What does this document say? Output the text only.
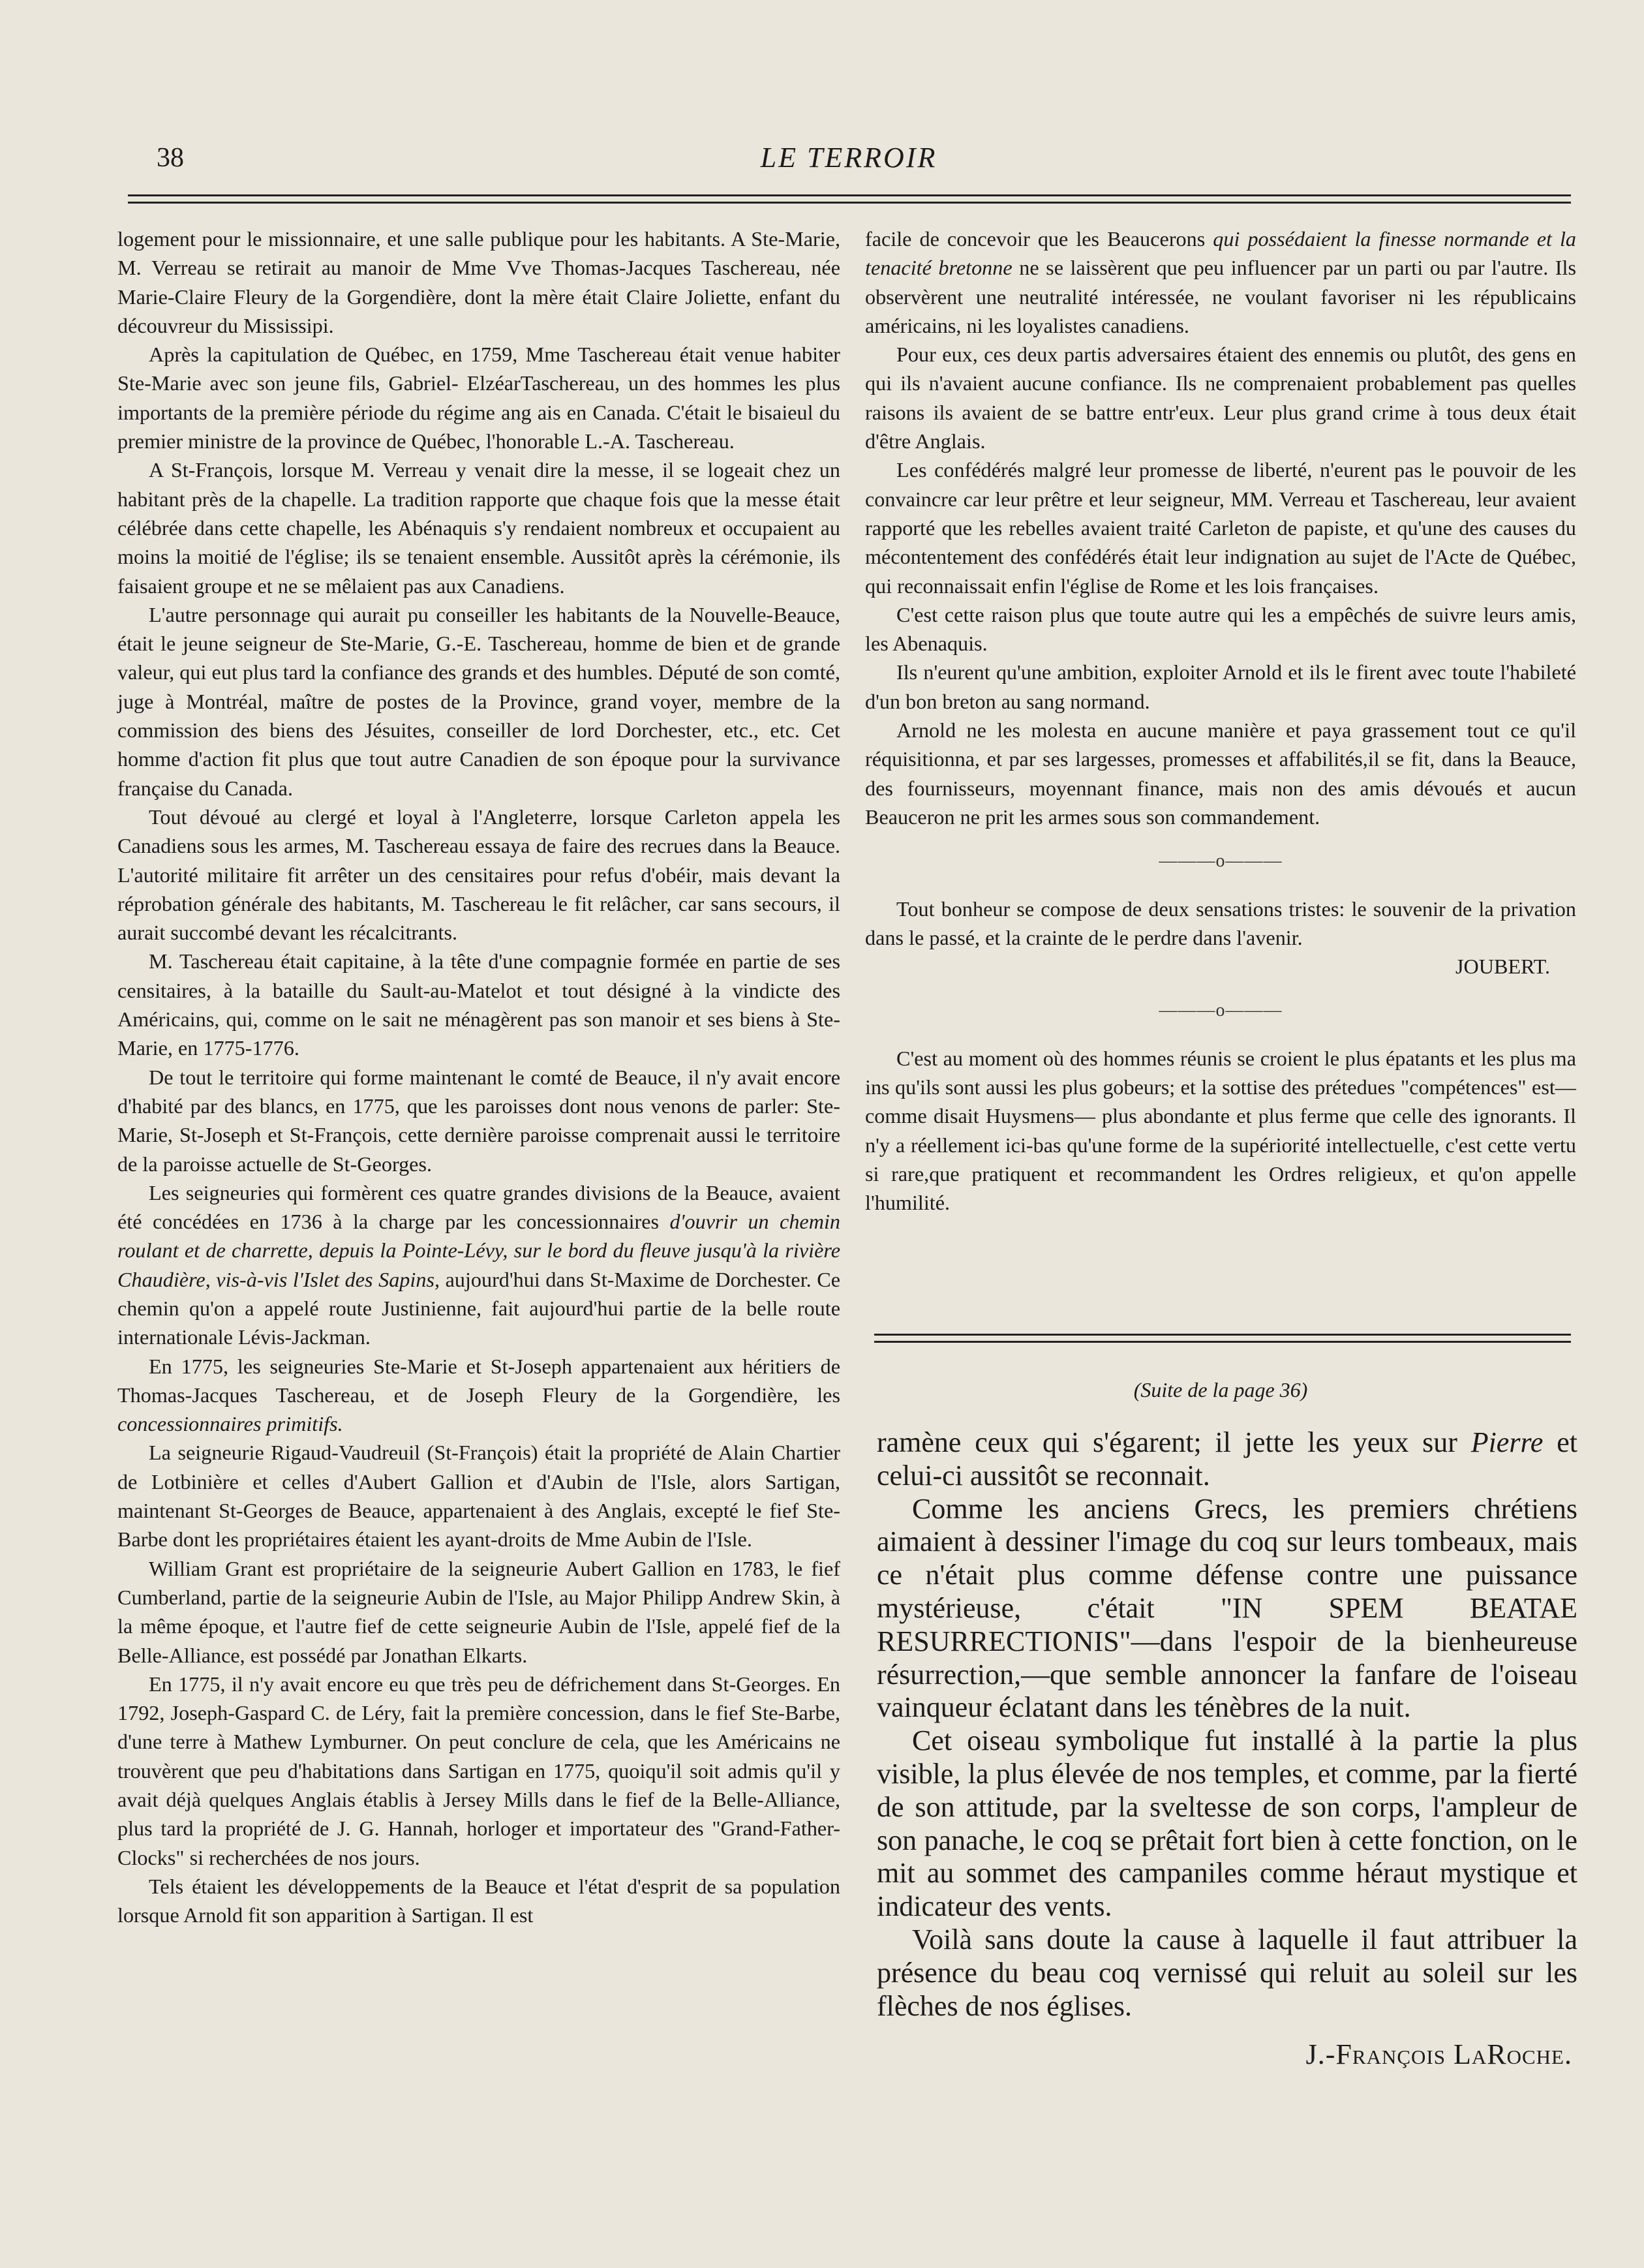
38	LE TERROIR

logement pour le missionnaire, et une salle publique pour les habitants. A Ste-Marie, M. Verreau se retirait au manoir de Mme Vve Thomas-Jacques Taschereau, née Marie-Claire Fleury de la Gorgendière, dont la mère était Claire Joliette, enfant du découvreur du Mississipi.

Après la capitulation de Québec, en 1759, Mme Taschereau était venue habiter Ste-Marie avec son jeune fils, Gabriel- ElzéarTaschereau, un des hommes les plus importants de la première période du régime ang ais en Canada. C'était le bisaieul du premier ministre de la province de Québec, l'honorable L.-A. Taschereau.

A St-François, lorsque M. Verreau y venait dire la messe, il se logeait chez un habitant près de la chapelle. La tradition rapporte que chaque fois que la messe était célébrée dans cette chapelle, les Abénaquis s'y rendaient nombreux et occupaient au moins la moitié de l'église; ils se tenaient ensemble. Aussitôt après la cérémonie, ils faisaient groupe et ne se mêlaient pas aux Canadiens.

L'autre personnage qui aurait pu conseiller les habitants de la Nouvelle-Beauce, était le jeune seigneur de Ste-Marie, G.-E. Taschereau, homme de bien et de grande valeur, qui eut plus tard la confiance des grands et des humbles. Député de son comté, juge à Montréal, maître de postes de la Province, grand voyer, membre de la commission des biens des Jésuites, conseiller de lord Dorchester, etc., etc. Cet homme d'action fit plus que tout autre Canadien de son époque pour la survivance française du Canada.

Tout dévoué au clergé et loyal à l'Angleterre, lorsque Carleton appela les Canadiens sous les armes, M. Taschereau essaya de faire des recrues dans la Beauce. L'autorité militaire fit arrêter un des censitaires pour refus d'obéir, mais devant la réprobation générale des habitants, M. Taschereau le fit relâcher, car sans secours, il aurait succombé devant les récalcitrants.

M. Taschereau était capitaine, à la tête d'une compagnie formée en partie de ses censitaires, à la bataille du Sault-au-Matelot et tout désigné à la vindicte des Américains, qui, comme on le sait ne ménagèrent pas son manoir et ses biens à Ste-Marie, en 1775-1776.

De tout le territoire qui forme maintenant le comté de Beauce, il n'y avait encore d'habité par des blancs, en 1775, que les paroisses dont nous venons de parler: Ste-Marie, St-Joseph et St-François, cette dernière paroisse comprenait aussi le territoire de la paroisse actuelle de St-Georges.

Les seigneuries qui formèrent ces quatre grandes divisions de la Beauce, avaient été concédées en 1736 à la charge par les concessionnaires d'ouvrir un chemin roulant et de charrette, depuis la Pointe-Lévy, sur le bord du fleuve jusqu'à la rivière Chaudière, vis-à-vis l'Islet des Sapins, aujourd'hui dans St-Maxime de Dorchester. Ce chemin qu'on a appelé route Justinienne, fait aujourd'hui partie de la belle route internationale Lévis-Jackman.

En 1775, les seigneuries Ste-Marie et St-Joseph appartenaient aux héritiers de Thomas-Jacques Taschereau, et de Joseph Fleury de la Gorgendière, les concessionnaires primitifs.

La seigneurie Rigaud-Vaudreuil (St-François) était la propriété de Alain Chartier de Lotbinière et celles d'Aubert Gallion et d'Aubin de l'Isle, alors Sartigan, maintenant St-Georges de Beauce, appartenaient à des Anglais, excepté le fief Ste-Barbe dont les propriétaires étaient les ayant-droits de Mme Aubin de l'Isle.

William Grant est propriétaire de la seigneurie Aubert Gallion en 1783, le fief Cumberland, partie de la seigneurie Aubin de l'Isle, au Major Philipp Andrew Skin, à la même époque, et l'autre fief de cette seigneurie Aubin de l'Isle, appelé fief de la Belle-Alliance, est possédé par Jonathan Elkarts.

En 1775, il n'y avait encore eu que très peu de défrichement dans St-Georges. En 1792, Joseph-Gaspard C. de Léry, fait la première concession, dans le fief Ste-Barbe, d'une terre à Mathew Lymburner. On peut conclure de cela, que les Américains ne trouvèrent que peu d'habitations dans Sartigan en 1775, quoiqu'il soit admis qu'il y avait déjà quelques Anglais établis à Jersey Mills dans le fief de la Belle-Alliance, plus tard la propriété de J. G. Hannah, horloger et importateur des "Grand-Father-Clocks" si recherchées de nos jours.

Tels étaient les développements de la Beauce et l'état d'esprit de sa population lorsque Arnold fit son apparition à Sartigan. Il est

facile de concevoir que les Beaucerons qui possédaient la finesse normande et la tenacité bretonne ne se laissèrent que peu influencer par un parti ou par l'autre. Ils observèrent une neutralité intéressée, ne voulant favoriser ni les républicains américains, ni les loyalistes canadiens.

Pour eux, ces deux partis adversaires étaient des ennemis ou plutôt, des gens en qui ils n'avaient aucune confiance. Ils ne comprenaient probablement pas quelles raisons ils avaient de se battre entr'eux. Leur plus grand crime à tous deux était d'être Anglais.

Les confédérés malgré leur promesse de liberté, n'eurent pas le pouvoir de les convaincre car leur prêtre et leur seigneur, MM. Verreau et Taschereau, leur avaient rapporté que les rebelles avaient traité Carleton de papiste, et qu'une des causes du mécontentement des confédérés était leur indignation au sujet de l'Acte de Québec, qui reconnaissait enfin l'église de Rome et les lois françaises.

C'est cette raison plus que toute autre qui les a empêchés de suivre leurs amis, les Abenaquis.

Ils n'eurent qu'une ambition, exploiter Arnold et ils le firent avec toute l'habileté d'un bon breton au sang normand.

Arnold ne les molesta en aucune manière et paya grassement tout ce qu'il réquisitionna, et par ses largesses, promesses et affabilités,il se fit, dans la Beauce, des fournisseurs, moyennant finance, mais non des amis dévoués et aucun Beauceron ne prit les armes sous son commandement.

———o———

Tout bonheur se compose de deux sensations tristes: le souvenir de la privation dans le passé, et la crainte de le perdre dans l'avenir.

JOUBERT.
———o———

C'est au moment où des hommes réunis se croient le plus épatants et les plus ma ins qu'ils sont aussi les plus gobeurs; et la sottise des prétedues "compétences" est—comme disait Huysmens— plus abondante et plus ferme que celle des ignorants. Il n'y a réellement ici-bas qu'une forme de la supériorité intellectuelle, c'est cette vertu si rare,que pratiquent et recommandent les Ordres religieux, et qu'on appelle l'humilité.

(Suite de la page 36)

ramène ceux qui s'égarent; il jette les yeux sur Pierre et celui-ci aussitôt se reconnait.

Comme les anciens Grecs, les premiers chrétiens aimaient à dessiner l'image du coq sur leurs tombeaux, mais ce n'était plus comme défense contre une puissance mystérieuse, c'était "IN SPEM BEATAE RESURRECTIONIS"—dans l'espoir de la bienheureuse résurrection,—que semble annoncer la fanfare de l'oiseau vainqueur éclatant dans les ténèbres de la nuit.

Cet oiseau symbolique fut installé à la partie la plus visible, la plus élevée de nos temples, et comme, par la fierté de son attitude, par la sveltesse de son corps, l'ampleur de son panache, le coq se prêtait fort bien à cette fonction, on le mit au sommet des campaniles comme héraut mystique et indicateur des vents.

Voilà sans doute la cause à laquelle il faut attribuer la présence du beau coq vernissé qui reluit au soleil sur les flèches de nos églises.

J.-François LaRoche.
